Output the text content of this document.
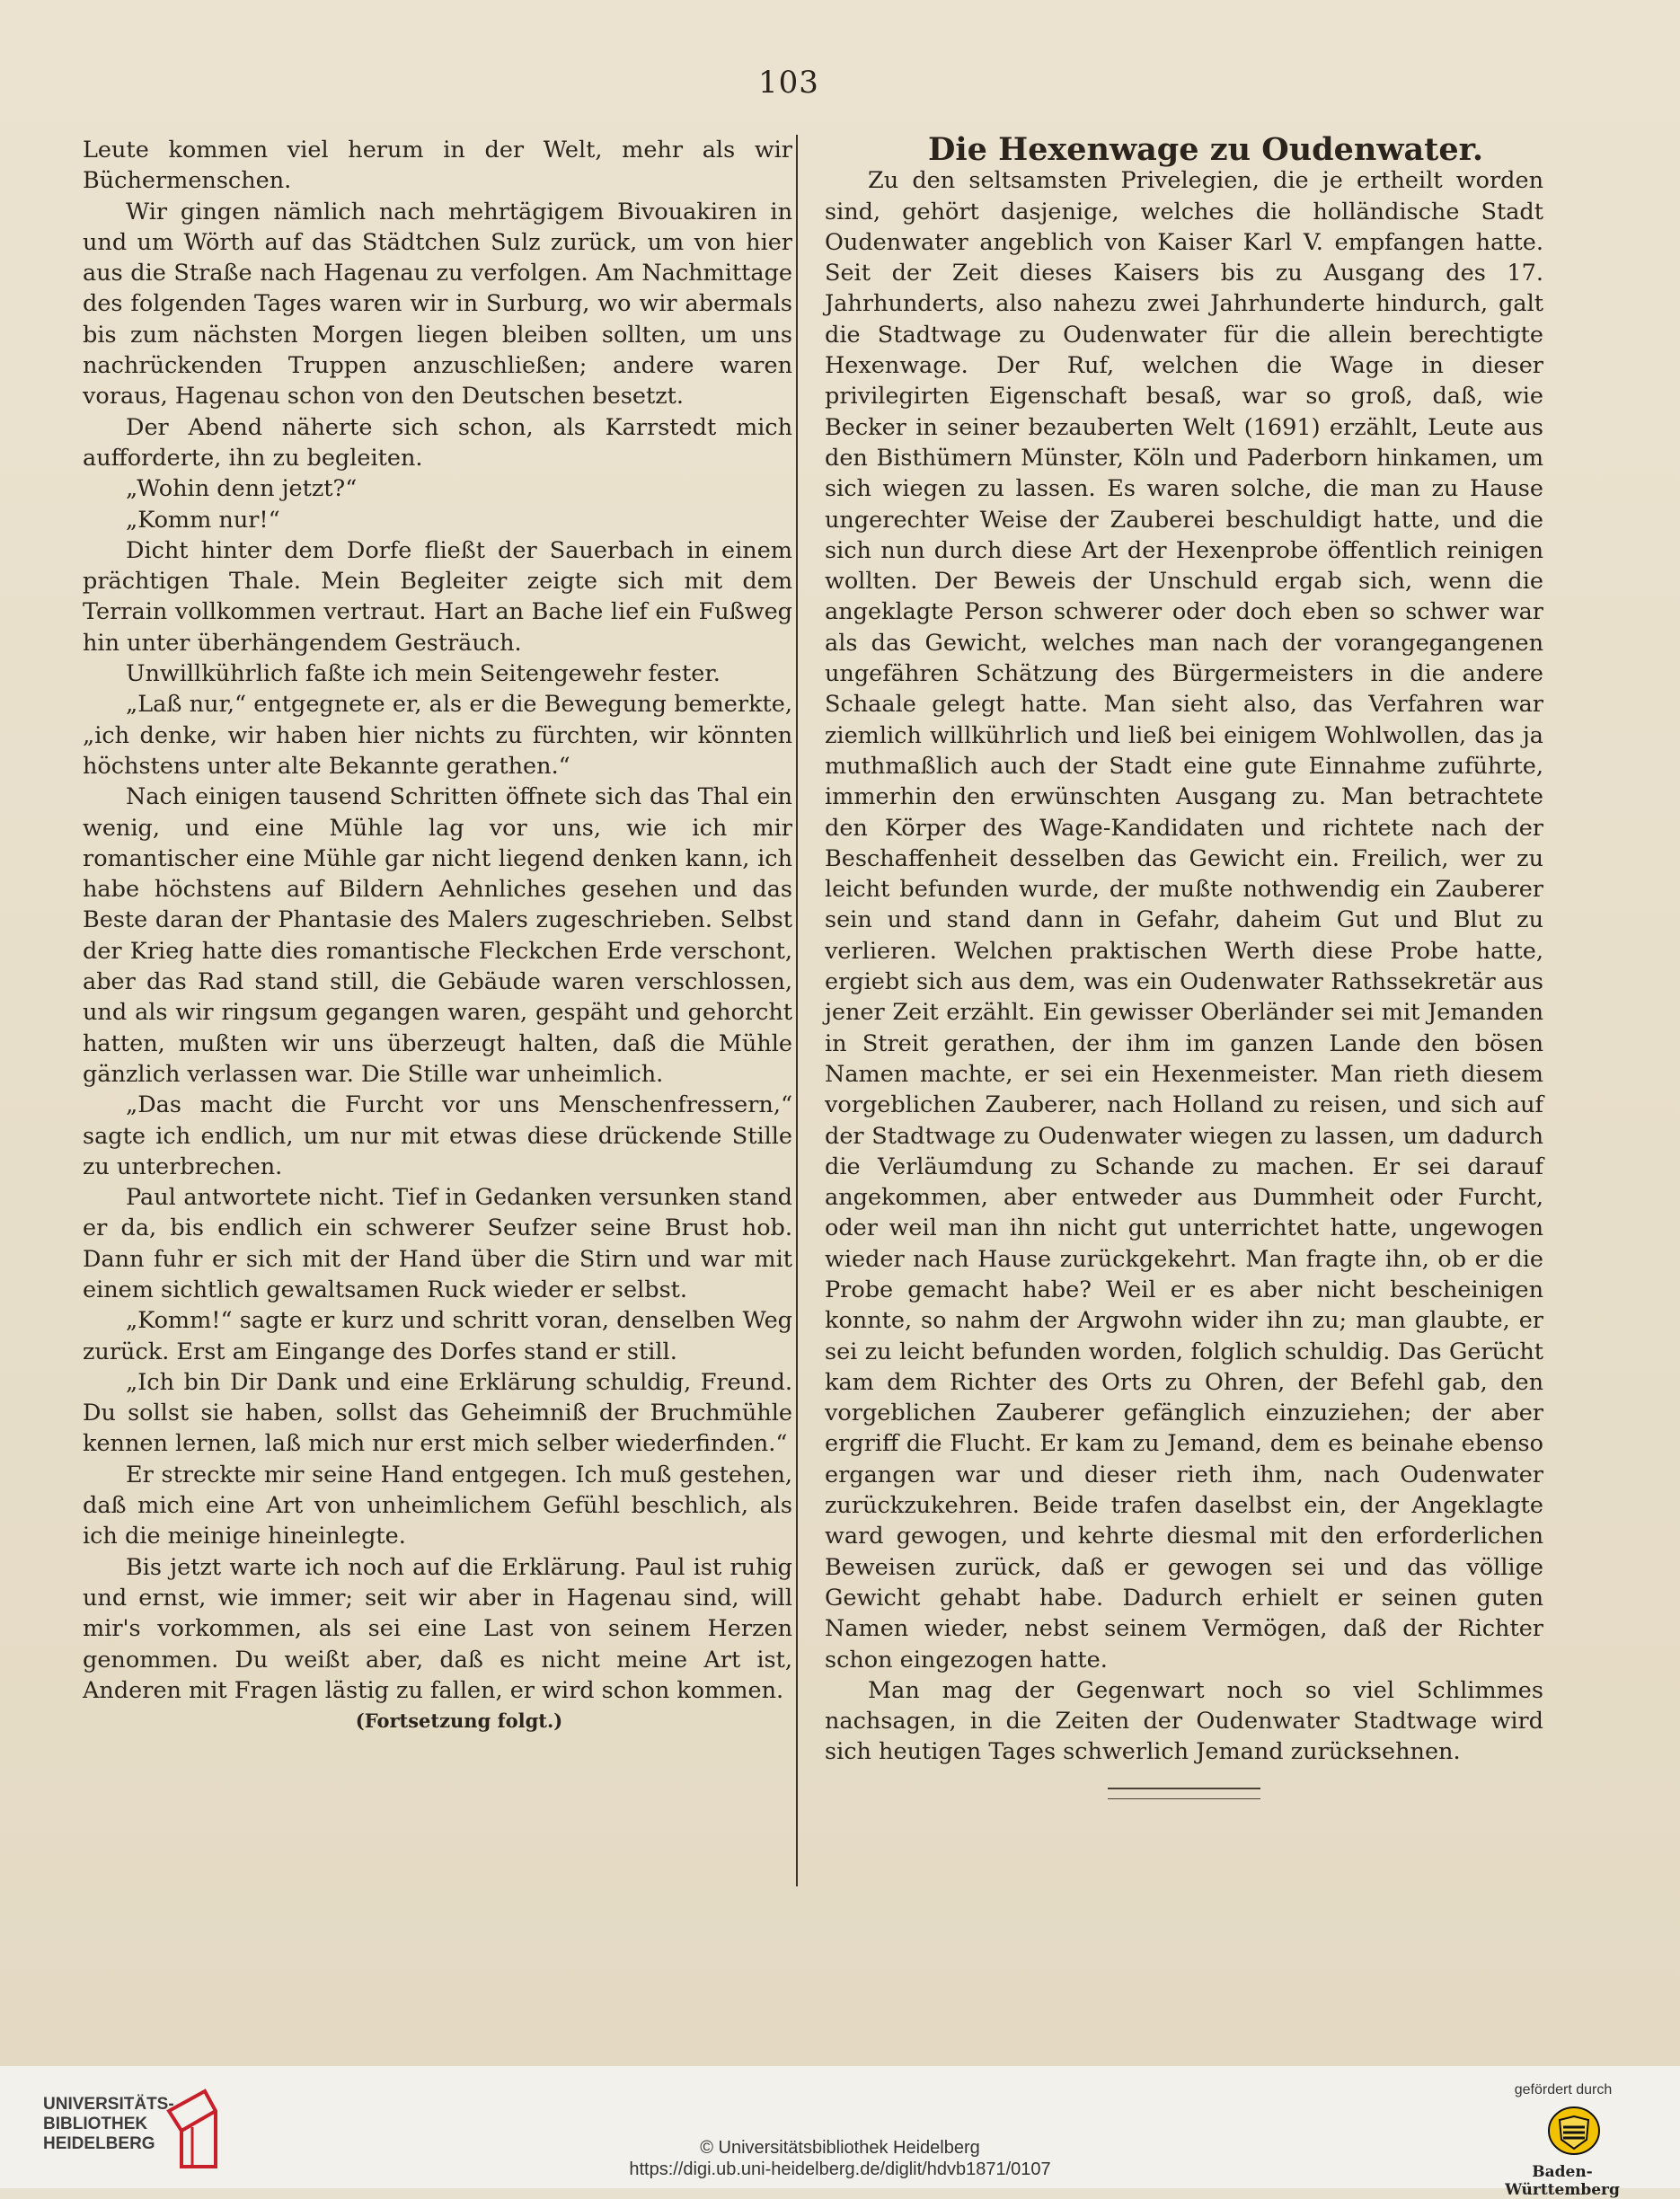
103

Leute kommen viel herum in der Welt, mehr als wir Büchermenschen.

Wir gingen nämlich nach mehrtägigem Bivouakiren in und um Wörth auf das Städtchen Sulz zurück, um von hier aus die Straße nach Hagenau zu verfolgen. Am Nachmittage des folgenden Tages waren wir in Surburg, wo wir abermals bis zum nächsten Morgen liegen bleiben sollten, um uns nachrückenden Truppen anzuschließen; andere waren voraus, Hagenau schon von den Deutschen besetzt.

Der Abend näherte sich schon, als Karrstedt mich aufforderte, ihn zu begleiten.

„Wohin denn jetzt?“

„Komm nur!“

Dicht hinter dem Dorfe fließt der Sauerbach in einem prächtigen Thale. Mein Begleiter zeigte sich mit dem Terrain vollkommen vertraut. Hart an Bache lief ein Fußweg hin unter überhängendem Gesträuch.

Unwillkührlich faßte ich mein Seitengewehr fester.

„Laß nur,“ entgegnete er, als er die Bewegung bemerkte, „ich denke, wir haben hier nichts zu fürchten, wir könnten höchstens unter alte Bekannte gerathen.“

Nach einigen tausend Schritten öffnete sich das Thal ein wenig, und eine Mühle lag vor uns, wie ich mir romantischer eine Mühle gar nicht liegend denken kann, ich habe höchstens auf Bildern Aehnliches gesehen und das Beste daran der Phantasie des Malers zugeschrieben. Selbst der Krieg hatte dies romantische Fleckchen Erde verschont, aber das Rad stand still, die Gebäude waren verschlossen, und als wir ringsum gegangen waren, gespäht und gehorcht hatten, mußten wir uns überzeugt halten, daß die Mühle gänzlich verlassen war. Die Stille war unheimlich.

„Das macht die Furcht vor uns Menschenfressern,“ sagte ich endlich, um nur mit etwas diese drückende Stille zu unterbrechen.

Paul antwortete nicht. Tief in Gedanken versunken stand er da, bis endlich ein schwerer Seufzer seine Brust hob. Dann fuhr er sich mit der Hand über die Stirn und war mit einem sichtlich gewaltsamen Ruck wieder er selbst.

„Komm!“ sagte er kurz und schritt voran, denselben Weg zurück. Erst am Eingange des Dorfes stand er still.

„Ich bin Dir Dank und eine Erklärung schuldig, Freund. Du sollst sie haben, sollst das Geheimniß der Bruchmühle kennen lernen, laß mich nur erst mich selber wiederfinden.“

Er streckte mir seine Hand entgegen. Ich muß gestehen, daß mich eine Art von unheimlichem Gefühl beschlich, als ich die meinige hineinlegte.

Bis jetzt warte ich noch auf die Erklärung. Paul ist ruhig und ernst, wie immer; seit wir aber in Hagenau sind, will mir's vorkommen, als sei eine Last von seinem Herzen genommen. Du weißt aber, daß es nicht meine Art ist, Anderen mit Fragen lästig zu fallen, er wird schon kommen.

(Fortsetzung folgt.)

Die Hexenwage zu Oudenwater.

Zu den seltsamsten Privelegien, die je ertheilt worden sind, gehört dasjenige, welches die holländische Stadt Oudenwater angeblich von Kaiser Karl V. empfangen hatte. Seit der Zeit dieses Kaisers bis zu Ausgang des 17. Jahrhunderts, also nahezu zwei Jahrhunderte hindurch, galt die Stadtwage zu Oudenwater für die allein berechtigte Hexenwage. Der Ruf, welchen die Wage in dieser privilegirten Eigenschaft besaß, war so groß, daß, wie Becker in seiner bezauberten Welt (1691) erzählt, Leute aus den Bisthümern Münster, Köln und Paderborn hinkamen, um sich wiegen zu lassen. Es waren solche, die man zu Hause ungerechter Weise der Zauberei beschuldigt hatte, und die sich nun durch diese Art der Hexenprobe öffentlich reinigen wollten. Der Beweis der Unschuld ergab sich, wenn die angeklagte Person schwerer oder doch eben so schwer war als das Gewicht, welches man nach der vorangegangenen ungefähren Schätzung des Bürgermeisters in die andere Schaale gelegt hatte. Man sieht also, das Verfahren war ziemlich willkührlich und ließ bei einigem Wohlwollen, das ja muthmaßlich auch der Stadt eine gute Einnahme zuführte, immerhin den erwünschten Ausgang zu. Man betrachtete den Körper des Wage-Kandidaten und richtete nach der Beschaffenheit desselben das Gewicht ein. Freilich, wer zu leicht befunden wurde, der mußte nothwendig ein Zauberer sein und stand dann in Gefahr, daheim Gut und Blut zu verlieren. Welchen praktischen Werth diese Probe hatte, ergiebt sich aus dem, was ein Oudenwater Rathssekretär aus jener Zeit erzählt. Ein gewisser Oberländer sei mit Jemanden in Streit gerathen, der ihm im ganzen Lande den bösen Namen machte, er sei ein Hexenmeister. Man rieth diesem vorgeblichen Zauberer, nach Holland zu reisen, und sich auf der Stadtwage zu Oudenwater wiegen zu lassen, um dadurch die Verläumdung zu Schande zu machen. Er sei darauf angekommen, aber entweder aus Dummheit oder Furcht, oder weil man ihn nicht gut unterrichtet hatte, ungewogen wieder nach Hause zurückgekehrt. Man fragte ihn, ob er die Probe gemacht habe? Weil er es aber nicht bescheinigen konnte, so nahm der Argwohn wider ihn zu; man glaubte, er sei zu leicht befunden worden, folglich schuldig. Das Gerücht kam dem Richter des Orts zu Ohren, der Befehl gab, den vorgeblichen Zauberer gefänglich einzuziehen; der aber ergriff die Flucht. Er kam zu Jemand, dem es beinahe ebenso ergangen war und dieser rieth ihm, nach Oudenwater zurückzukehren. Beide trafen daselbst ein, der Angeklagte ward gewogen, und kehrte diesmal mit den erforderlichen Beweisen zurück, daß er gewogen sei und das völlige Gewicht gehabt habe. Dadurch erhielt er seinen guten Namen wieder, nebst seinem Vermögen, daß der Richter schon eingezogen hatte.

Man mag der Gegenwart noch so viel Schlimmes nachsagen, in die Zeiten der Oudenwater Stadtwage wird sich heutigen Tages schwerlich Jemand zurücksehnen.

UNIVERSITÄTS-
BIBLIOTHEK
HEIDELBERG	© Universitätsbibliothek Heidelberg
https://digi.ub.uni-heidelberg.de/diglit/hdvb1871/0107
gefördert durch
Baden-Württemberg
